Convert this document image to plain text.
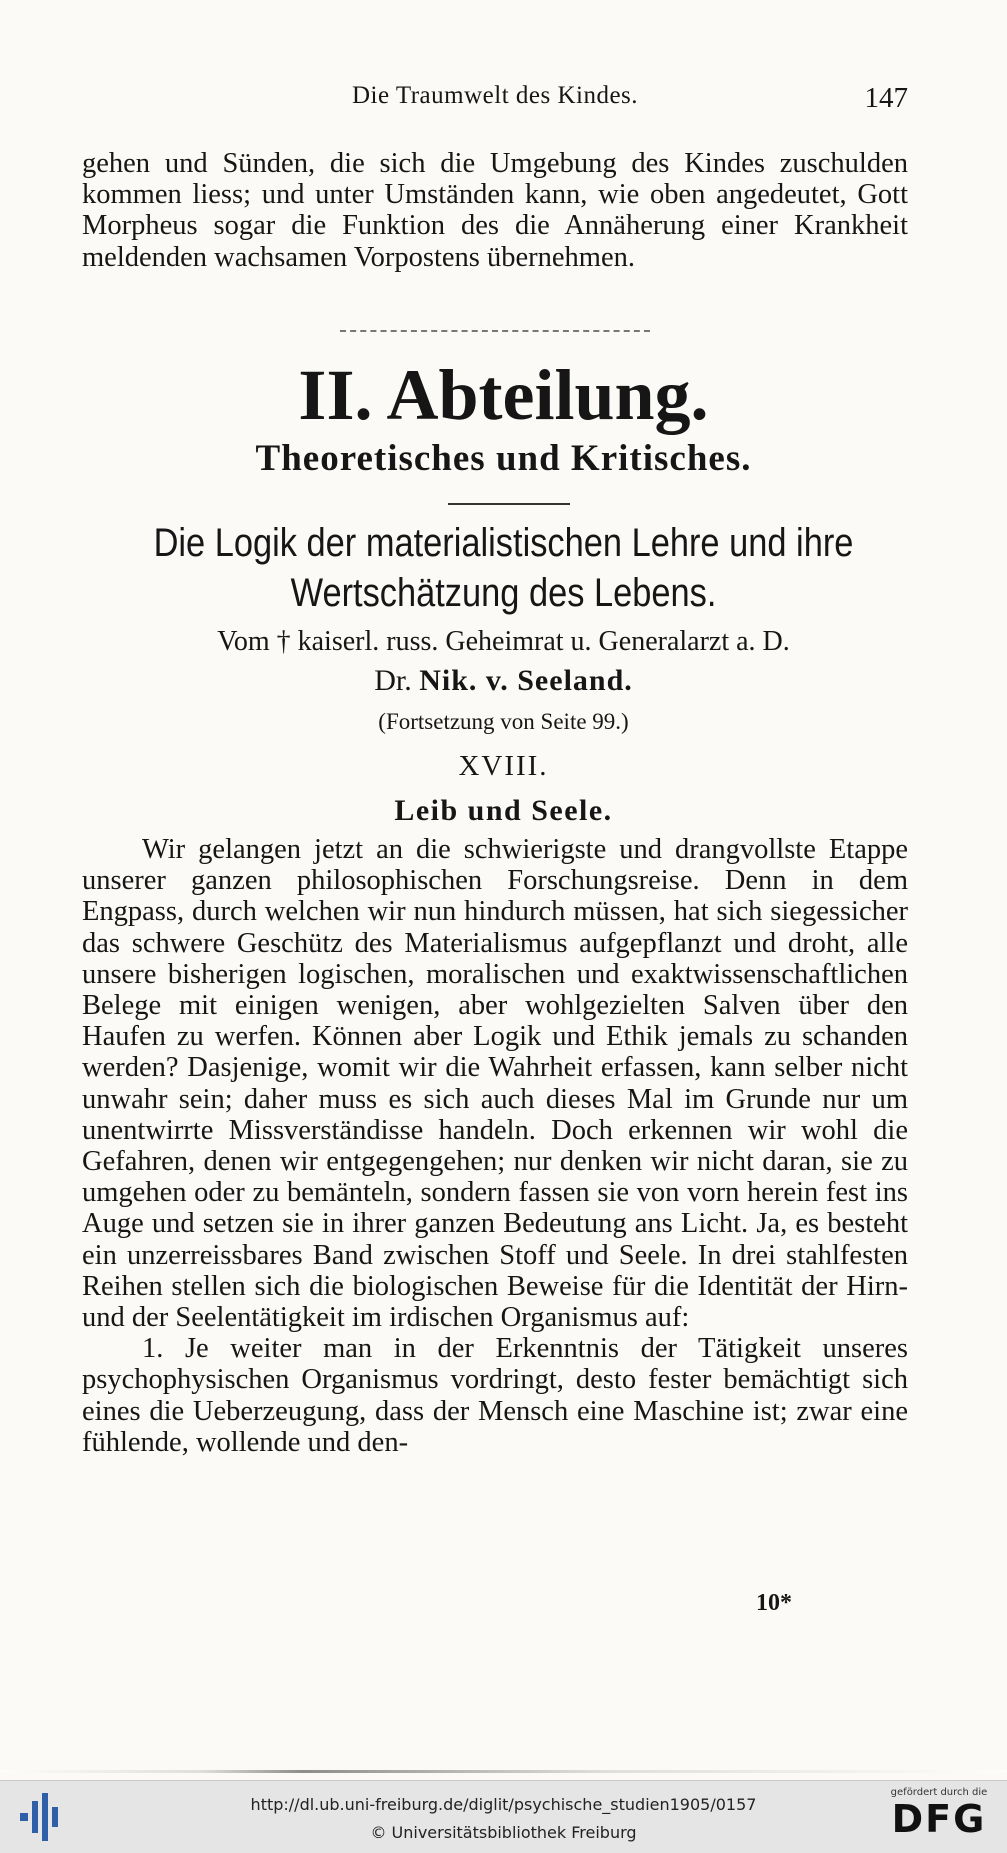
Die Traumwelt des Kindes.	147

gehen und Sünden, die sich die Umgebung des Kindes zuschulden kommen liess; und unter Umständen kann, wie oben angedeutet, Gott Morpheus sogar die Funktion des die Annäherung einer Krankheit meldenden wachsamen Vorpostens übernehmen.

II. Abteilung.
Theoretisches und Kritisches.
Die Logik der materialistischen Lehre und ihre
Wertschätzung des Lebens.
Vom † kaiserl. russ. Geheimrat u. Generalarzt a. D.
Dr. Nik. v. Seeland.
(Fortsetzung von Seite 99.)
XVIII.
Leib und Seele.

Wir gelangen jetzt an die schwierigste und drangvollste Etappe unserer ganzen philosophischen Forschungsreise. Denn in dem Engpass, durch welchen wir nun hindurch müssen, hat sich siegessicher das schwere Geschütz des Materialismus aufgepflanzt und droht, alle unsere bisherigen logischen, moralischen und exaktwissenschaftlichen Belege mit einigen wenigen, aber wohlgezielten Salven über den Haufen zu werfen. Können aber Logik und Ethik jemals zu schanden werden? Dasjenige, womit wir die Wahrheit erfassen, kann selber nicht unwahr sein; daher muss es sich auch dieses Mal im Grunde nur um unentwirrte Missverständisse handeln. Doch erkennen wir wohl die Gefahren, denen wir entgegengehen; nur denken wir nicht daran, sie zu umgehen oder zu bemänteln, sondern fassen sie von vorn herein fest ins Auge und setzen sie in ihrer ganzen Bedeutung ans Licht. Ja, es besteht ein unzerreissbares Band zwischen Stoff und Seele. In drei stahlfesten Reihen stellen sich die biologischen Beweise für die Identität der Hirn- und der Seelentätigkeit im irdischen Organismus auf:

1. Je weiter man in der Erkenntnis der Tätigkeit unseres psychophysischen Organismus vordringt, desto fester bemächtigt sich eines die Ueberzeugung, dass der Mensch eine Maschine ist; zwar eine fühlende, wollende und den-

10*
http://dl.ub.uni-freiburg.de/diglit/psychische_studien1905/0157
© Universitätsbibliothek Freiburg
gefördert durch die
DFG
